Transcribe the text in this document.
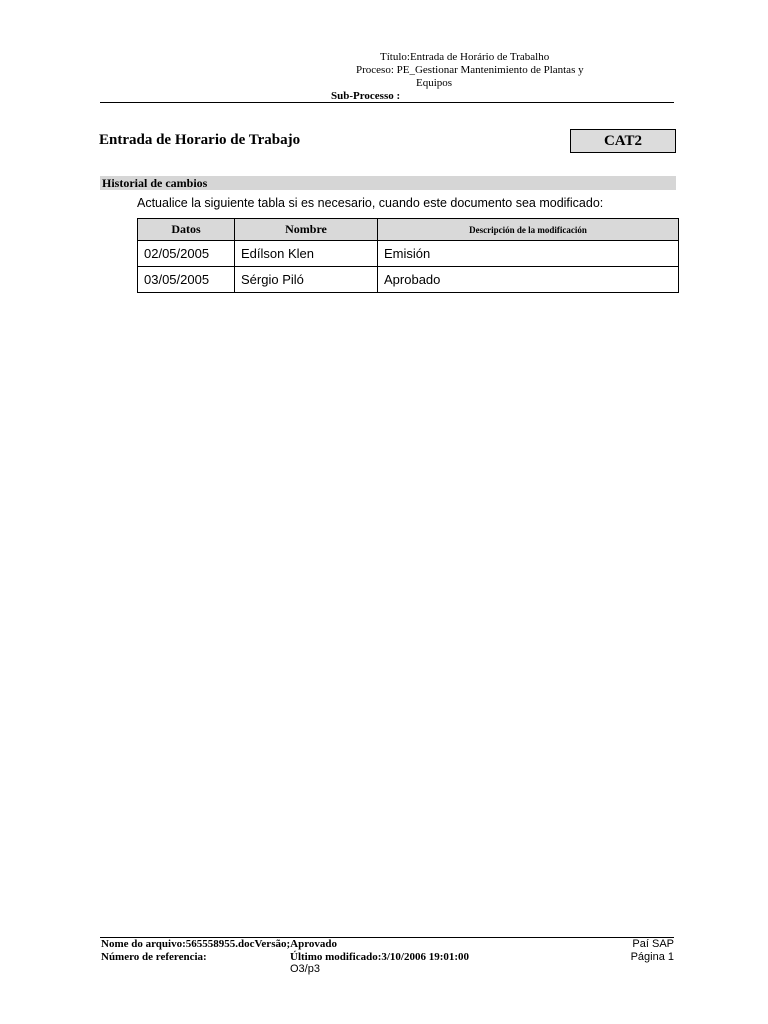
Título:Entrada de Horário de Trabalho
Proceso: PE_Gestionar Mantenimiento de Plantas y
Equipos
Sub-Processo :
Entrada de Horario de Trabajo	CAT2
Historial de cambios
Actualice la siguiente tabla si es necesario, cuando este documento sea modificado:
Datos	Nombre	Descripción de la modificación
02/05/2005	Edílson Klen	Emisión
03/05/2005	Sérgio Piló	Aprobado
Nome do arquivo:565558955.docVersão;Aprovado
Número de referencia:	Último modificado:3/10/2006 19:01:00
O3/p3
Paí SAP
Página 1
